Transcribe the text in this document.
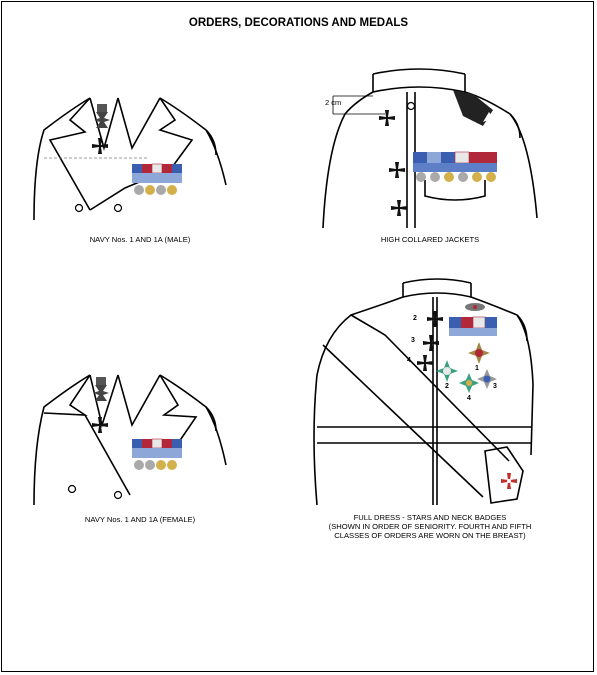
ORDERS, DECORATIONS AND MEDALS
NAVY Nos. 1 AND 1A (MALE)
2 cm
HIGH COLLARED JACKETS
NAVY Nos. 1 AND 1A (FEMALE)
2
3
4
1
2	3
4
FULL DRESS - STARS AND NECK BADGES
(SHOWN IN ORDER OF SENIORITY. FOURTH AND FIFTH
CLASSES OF ORDERS ARE WORN ON THE BREAST)
